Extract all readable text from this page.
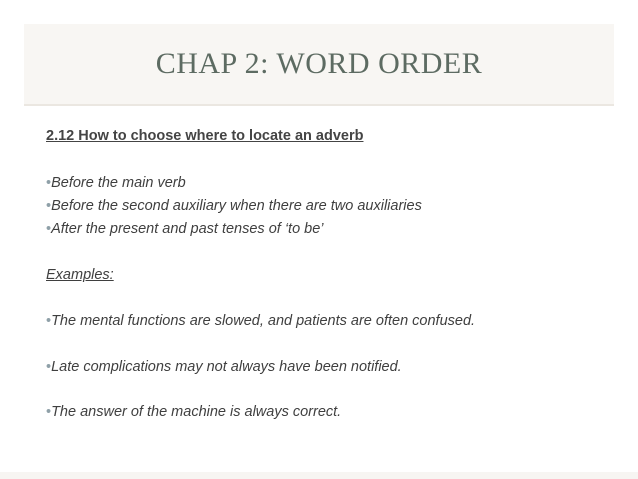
CHAP 2: WORD ORDER
2.12 How to choose where to locate an adverb
•Before the main verb
•Before the second auxiliary when there are two auxiliaries
•After the present and past tenses of ‘to be’
Examples:
•The mental functions are slowed, and patients are often confused.
•Late complications may not always have been notified.
•The answer of the machine is always correct.
